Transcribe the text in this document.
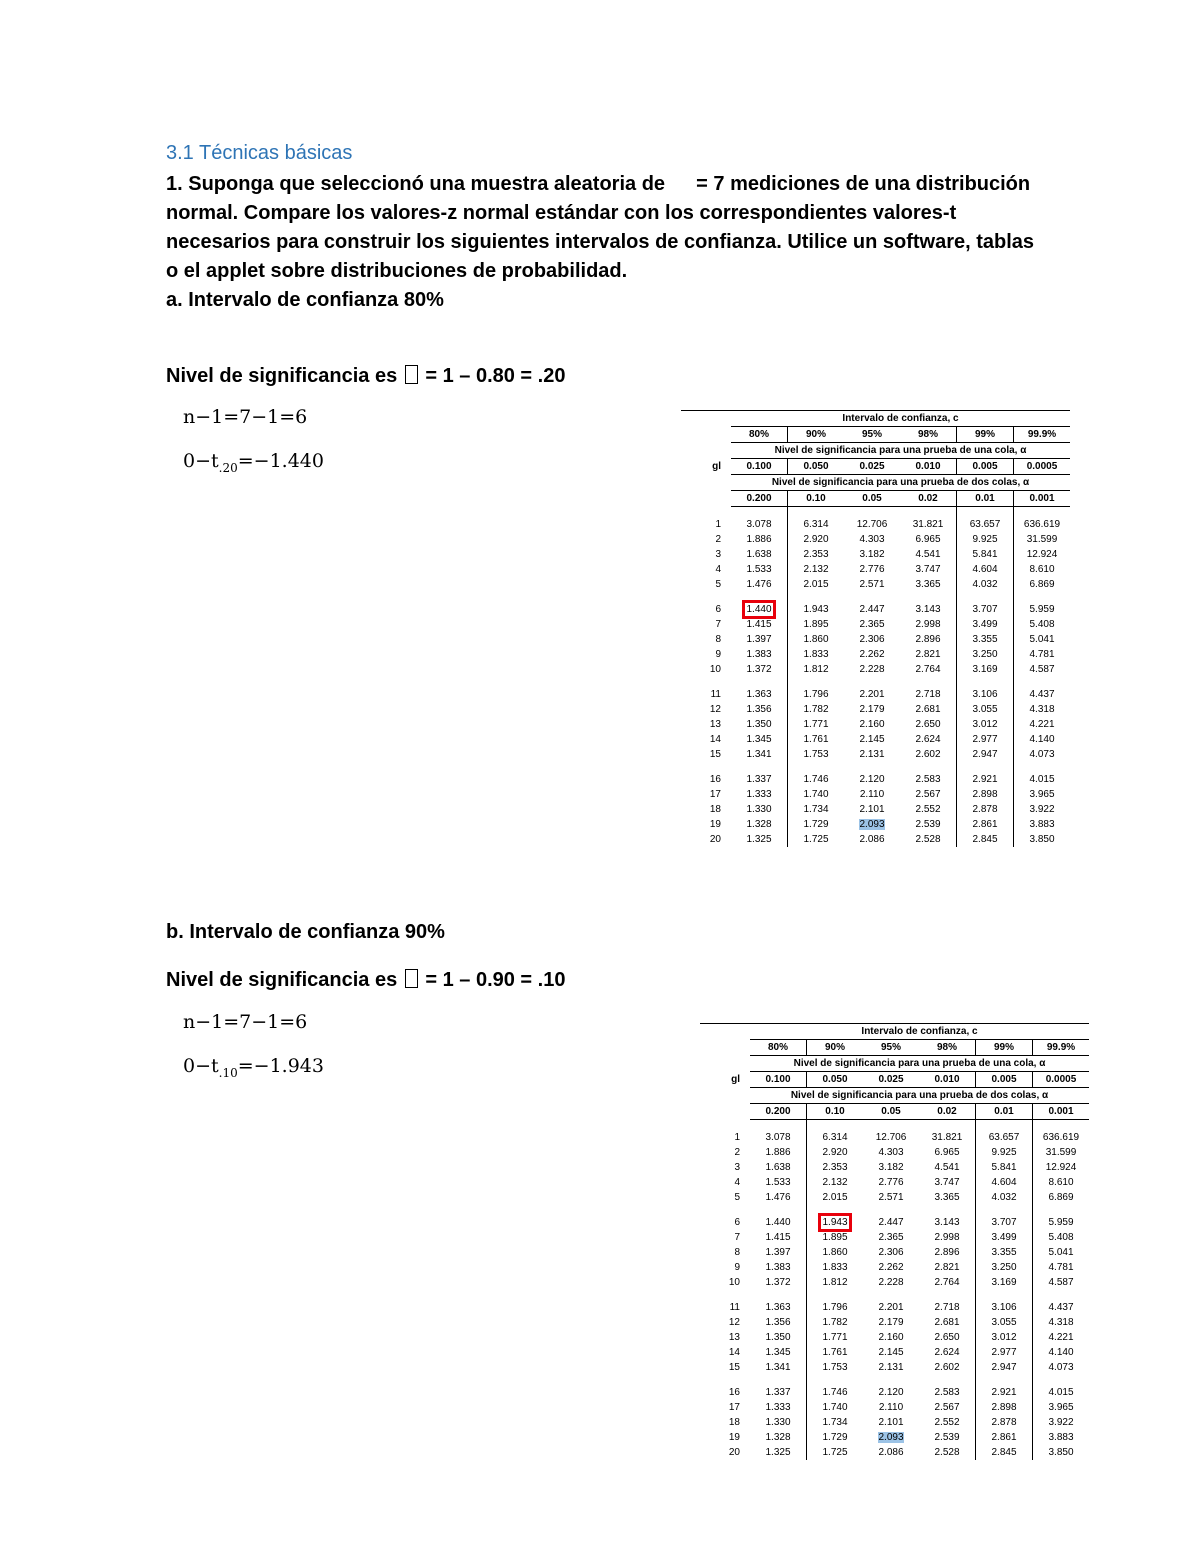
3.1 Técnicas básicas
1. Suponga que seleccionó una muestra aleatoria de   = 7 mediciones de una distribución normal. Compare los valores-z normal estándar con los correspondientes valores-t necesarios para construir los siguientes intervalos de confianza. Utilice un software, tablas o el applet sobre distribuciones de probabilidad.
a. Intervalo de confianza 80%
Nivel de significancia es = 1 – 0.80 = .20
n−1=7−1=6
$0-t_{.20}=-1.440$
	Intervalo de confianza, c					
	80%	90%	95%	98%	99%	99.9%
	Nivel de significancia para una prueba de una cola, α					
gl	0.100	0.050	0.025	0.010	0.005	0.0005
	Nivel de significancia para una prueba de dos colas, α					
	0.200	0.10	0.05	0.02	0.01	0.001

1	3.078	6.314	12.706	31.821	63.657	636.619
2	1.886	2.920	4.303	6.965	9.925	31.599
3	1.638	2.353	3.182	4.541	5.841	12.924
4	1.533	2.132	2.776	3.747	4.604	8.610
5	1.476	2.015	2.571	3.365	4.032	6.869

6	1.440	1.943	2.447	3.143	3.707	5.959
7	1.415	1.895	2.365	2.998	3.499	5.408
8	1.397	1.860	2.306	2.896	3.355	5.041
9	1.383	1.833	2.262	2.821	3.250	4.781
10	1.372	1.812	2.228	2.764	3.169	4.587

11	1.363	1.796	2.201	2.718	3.106	4.437
12	1.356	1.782	2.179	2.681	3.055	4.318
13	1.350	1.771	2.160	2.650	3.012	4.221
14	1.345	1.761	2.145	2.624	2.977	4.140
15	1.341	1.753	2.131	2.602	2.947	4.073

16	1.337	1.746	2.120	2.583	2.921	4.015
17	1.333	1.740	2.110	2.567	2.898	3.965
18	1.330	1.734	2.101	2.552	2.878	3.922
19	1.328	1.729	2.093	2.539	2.861	3.883
20	1.325	1.725	2.086	2.528	2.845	3.850
b. Intervalo de confianza 90%
Nivel de significancia es = 1 – 0.90 = .10
n−1=7−1=6
$0-t_{.10}=-1.943$
	Intervalo de confianza, c					
	80%	90%	95%	98%	99%	99.9%
	Nivel de significancia para una prueba de una cola, α					
gl	0.100	0.050	0.025	0.010	0.005	0.0005
	Nivel de significancia para una prueba de dos colas, α					
	0.200	0.10	0.05	0.02	0.01	0.001

1	3.078	6.314	12.706	31.821	63.657	636.619
2	1.886	2.920	4.303	6.965	9.925	31.599
3	1.638	2.353	3.182	4.541	5.841	12.924
4	1.533	2.132	2.776	3.747	4.604	8.610
5	1.476	2.015	2.571	3.365	4.032	6.869

6	1.440	1.943	2.447	3.143	3.707	5.959
7	1.415	1.895	2.365	2.998	3.499	5.408
8	1.397	1.860	2.306	2.896	3.355	5.041
9	1.383	1.833	2.262	2.821	3.250	4.781
10	1.372	1.812	2.228	2.764	3.169	4.587

11	1.363	1.796	2.201	2.718	3.106	4.437
12	1.356	1.782	2.179	2.681	3.055	4.318
13	1.350	1.771	2.160	2.650	3.012	4.221
14	1.345	1.761	2.145	2.624	2.977	4.140
15	1.341	1.753	2.131	2.602	2.947	4.073

16	1.337	1.746	2.120	2.583	2.921	4.015
17	1.333	1.740	2.110	2.567	2.898	3.965
18	1.330	1.734	2.101	2.552	2.878	3.922
19	1.328	1.729	2.093	2.539	2.861	3.883
20	1.325	1.725	2.086	2.528	2.845	3.850
